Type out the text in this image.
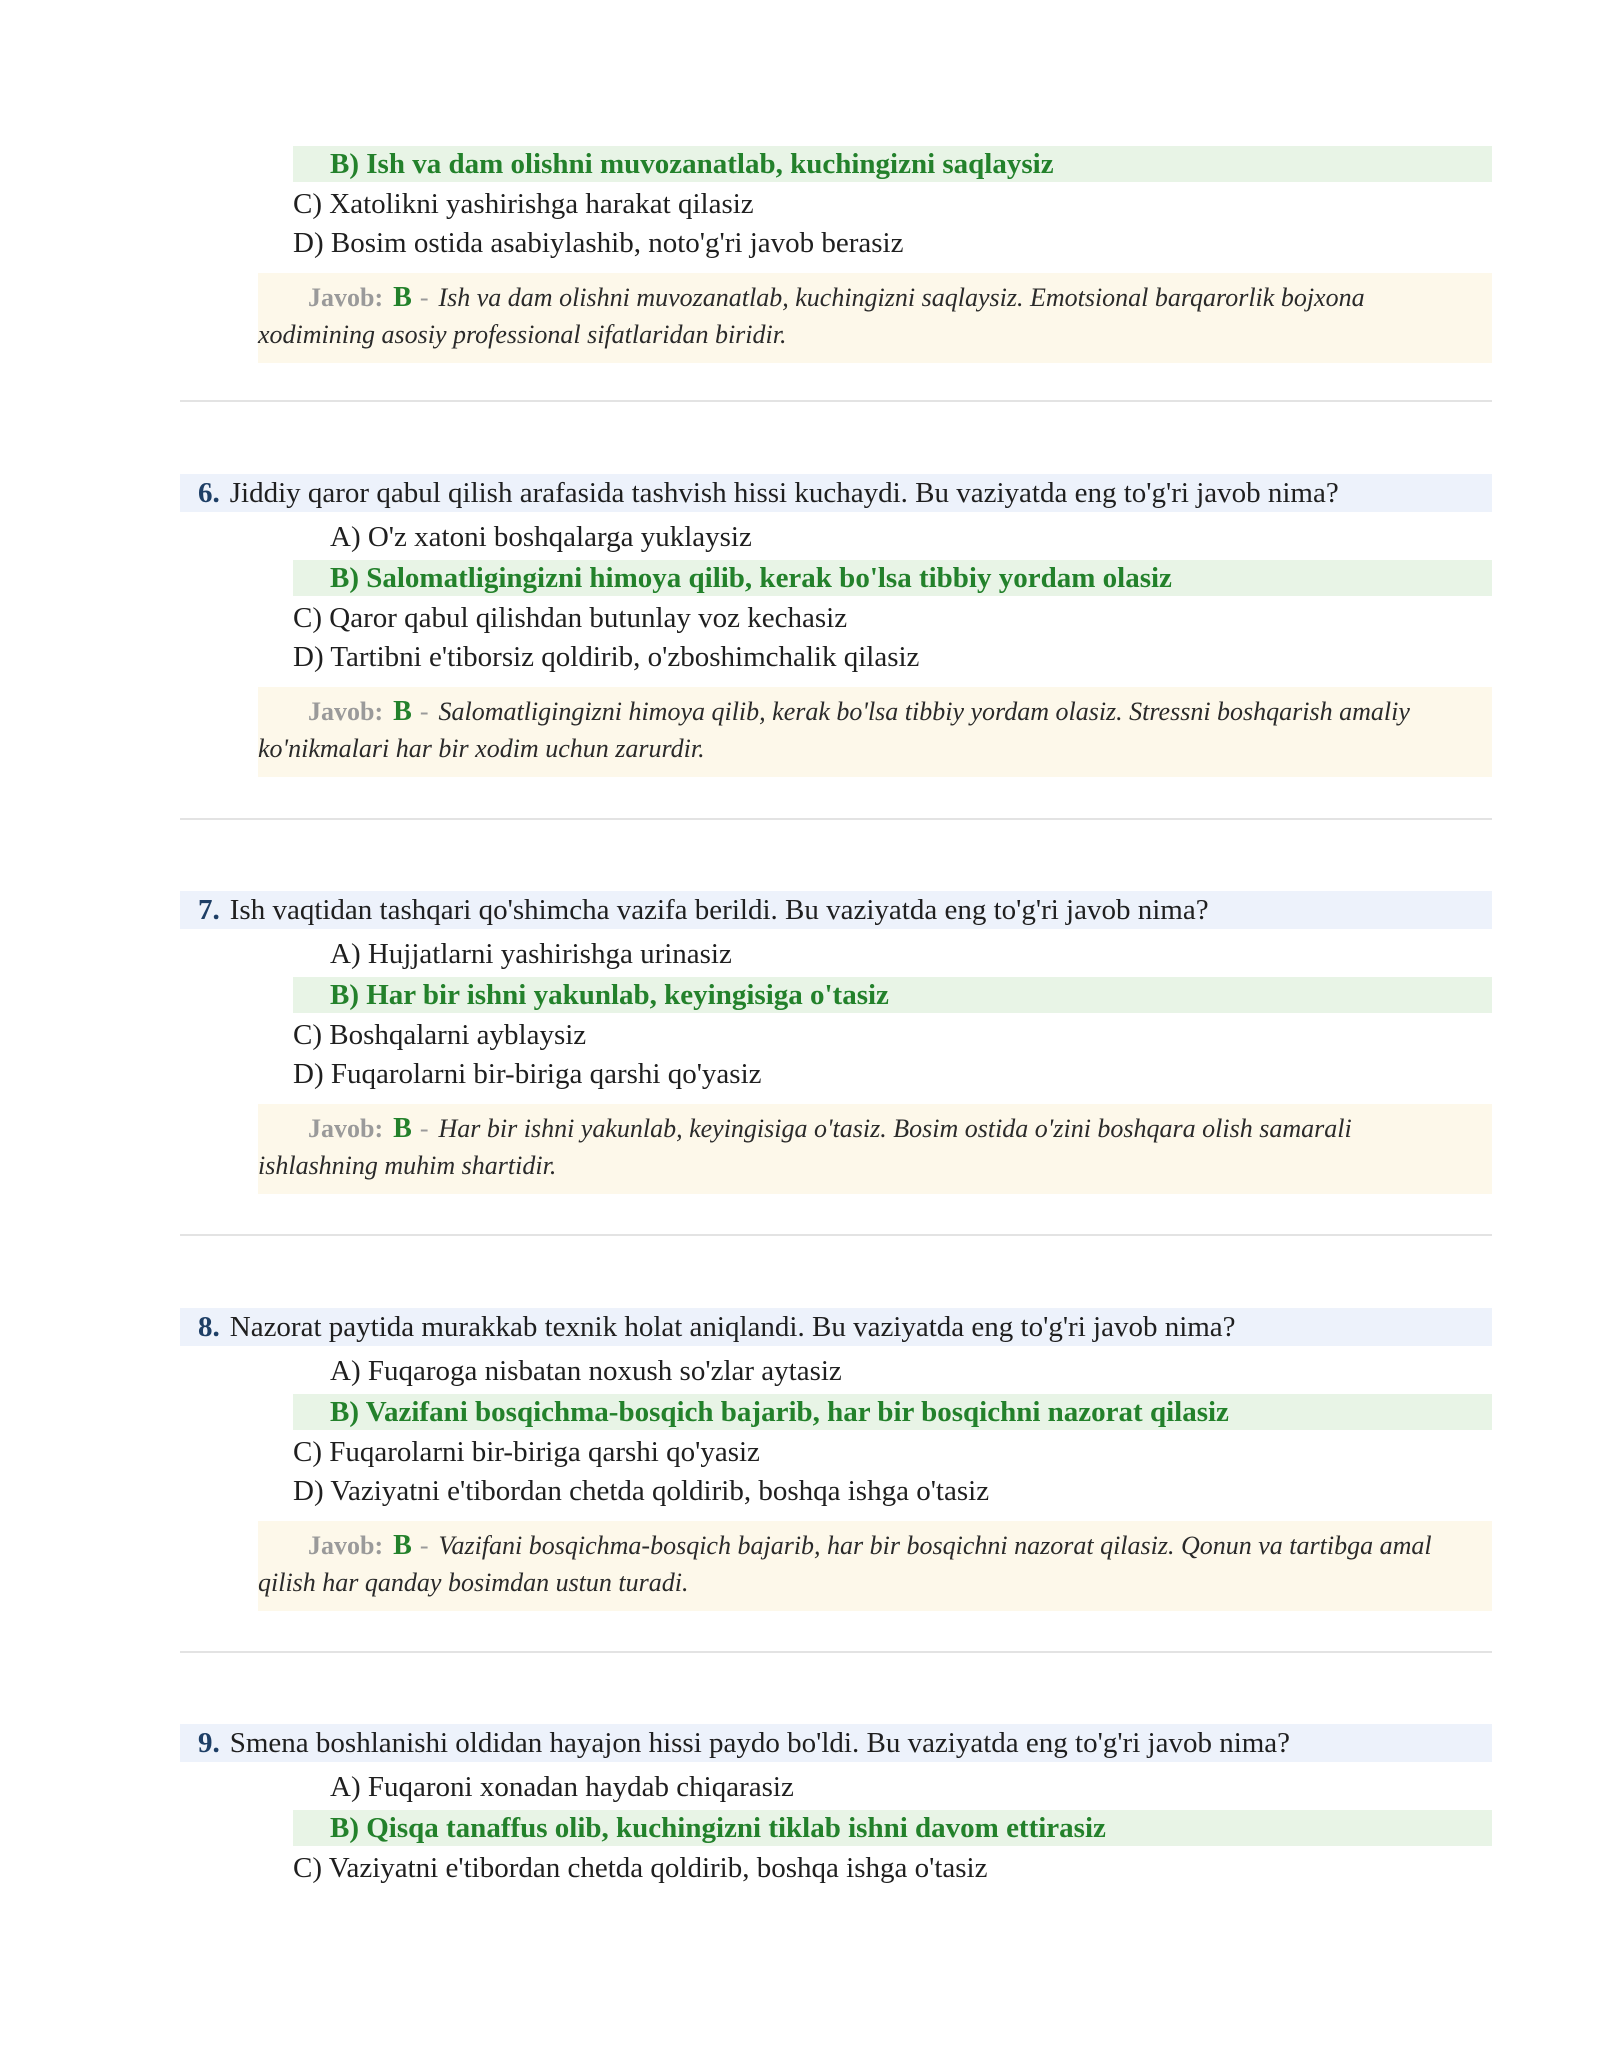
B) Ish va dam olishni muvozanatlab, kuchingizni saqlaysiz
C) Xatolikni yashirishga harakat qilasiz
D) Bosim ostida asabiylashib, noto'g'ri javob berasiz
Javob: B - Ish va dam olishni muvozanatlab, kuchingizni saqlaysiz. Emotsional barqarorlik bojxona xodimining asosiy professional sifatlaridan biridir.
6. Jiddiy qaror qabul qilish arafasida tashvish hissi kuchaydi. Bu vaziyatda eng to'g'ri javob nima?
A) O'z xatoni boshqalarga yuklaysiz
B) Salomatligingizni himoya qilib, kerak bo'lsa tibbiy yordam olasiz
C) Qaror qabul qilishdan butunlay voz kechasiz
D) Tartibni e'tiborsiz qoldirib, o'zboshimchalik qilasiz
Javob: B - Salomatligingizni himoya qilib, kerak bo'lsa tibbiy yordam olasiz. Stressni boshqarish amaliy ko'nikmalari har bir xodim uchun zarurdir.
7. Ish vaqtidan tashqari qo'shimcha vazifa berildi. Bu vaziyatda eng to'g'ri javob nima?
A) Hujjatlarni yashirishga urinasiz
B) Har bir ishni yakunlab, keyingisiga o'tasiz
C) Boshqalarni ayblaysiz
D) Fuqarolarni bir-biriga qarshi qo'yasiz
Javob: B - Har bir ishni yakunlab, keyingisiga o'tasiz. Bosim ostida o'zini boshqara olish samarali ishlashning muhim shartidir.
8. Nazorat paytida murakkab texnik holat aniqlandi. Bu vaziyatda eng to'g'ri javob nima?
A) Fuqaroga nisbatan noxush so'zlar aytasiz
B) Vazifani bosqichma-bosqich bajarib, har bir bosqichni nazorat qilasiz
C) Fuqarolarni bir-biriga qarshi qo'yasiz
D) Vaziyatni e'tibordan chetda qoldirib, boshqa ishga o'tasiz
Javob: B - Vazifani bosqichma-bosqich bajarib, har bir bosqichni nazorat qilasiz. Qonun va tartibga amal qilish har qanday bosimdan ustun turadi.
9. Smena boshlanishi oldidan hayajon hissi paydo bo'ldi. Bu vaziyatda eng to'g'ri javob nima?
A) Fuqaroni xonadan haydab chiqarasiz
B) Qisqa tanaffus olib, kuchingizni tiklab ishni davom ettirasiz
C) Vaziyatni e'tibordan chetda qoldirib, boshqa ishga o'tasiz
